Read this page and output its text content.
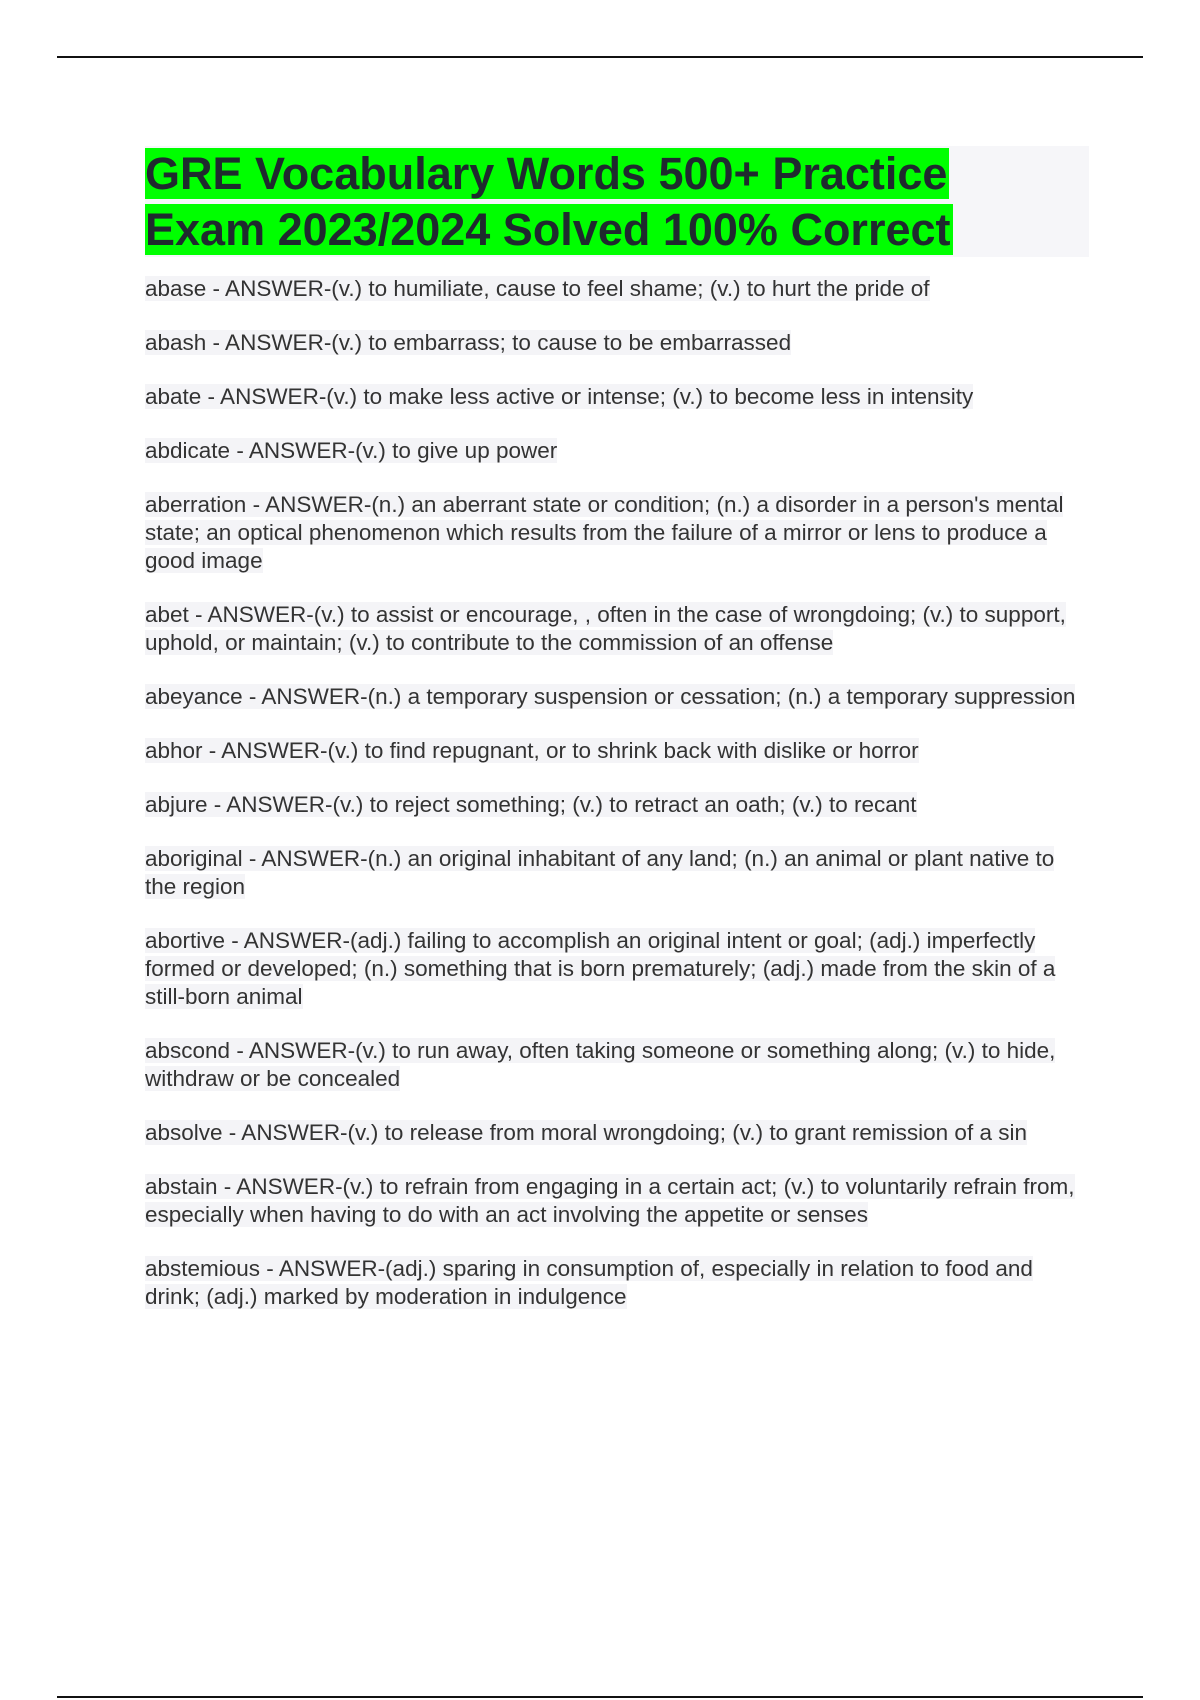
GRE Vocabulary Words 500+ Practice
Exam 2023/2024 Solved 100% Correct
abase - ANSWER-(v.) to humiliate, cause to feel shame; (v.) to hurt the pride of
abash - ANSWER-(v.) to embarrass; to cause to be embarrassed
abate - ANSWER-(v.) to make less active or intense; (v.) to become less in intensity
abdicate - ANSWER-(v.) to give up power
aberration - ANSWER-(n.) an aberrant state or condition; (n.) a disorder in a person's mental state; an optical phenomenon which results from the failure of a mirror or lens to produce a good image
abet - ANSWER-(v.) to assist or encourage, , often in the case of wrongdoing; (v.) to support, uphold, or maintain; (v.) to contribute to the commission of an offense
abeyance - ANSWER-(n.) a temporary suspension or cessation; (n.) a temporary suppression
abhor - ANSWER-(v.) to find repugnant, or to shrink back with dislike or horror
abjure - ANSWER-(v.) to reject something; (v.) to retract an oath; (v.) to recant
aboriginal - ANSWER-(n.) an original inhabitant of any land; (n.) an animal or plant native to the region
abortive - ANSWER-(adj.) failing to accomplish an original intent or goal; (adj.) imperfectly formed or developed; (n.) something that is born prematurely; (adj.) made from the skin of a still-born animal
abscond - ANSWER-(v.) to run away, often taking someone or something along; (v.) to hide, withdraw or be concealed
absolve - ANSWER-(v.) to release from moral wrongdoing; (v.) to grant remission of a sin
abstain - ANSWER-(v.) to refrain from engaging in a certain act; (v.) to voluntarily refrain from, especially when having to do with an act involving the appetite or senses
abstemious - ANSWER-(adj.) sparing in consumption of, especially in relation to food and drink; (adj.) marked by moderation in indulgence
